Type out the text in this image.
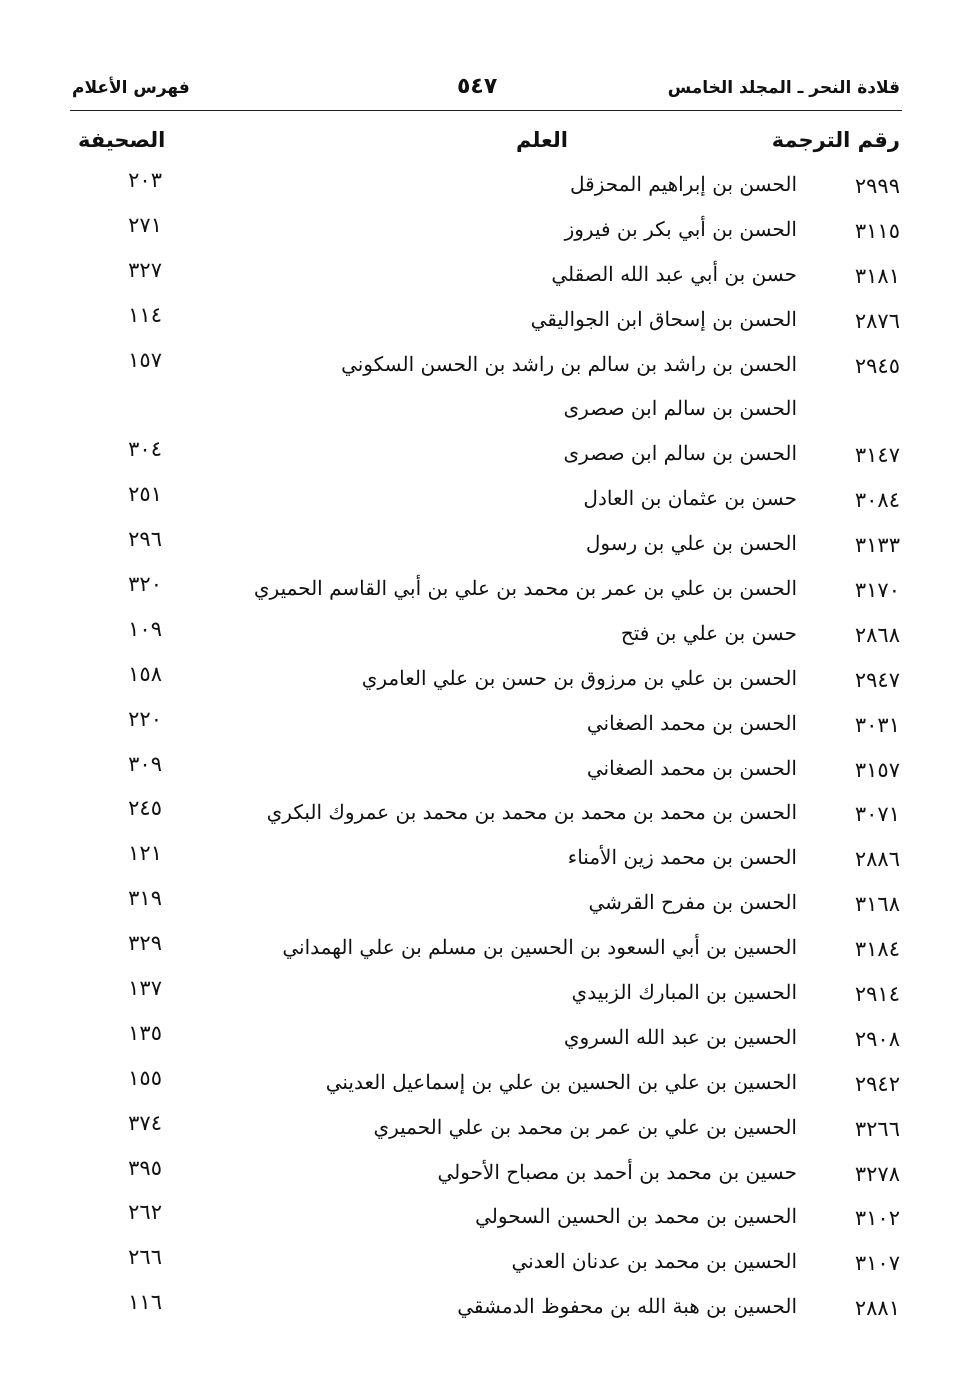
قلادة النحر ـ المجلد الخامس
٥٤٧
فهرس الأعلام
رقم الترجمة
العلم
الصحيفة
٢٩٩٩
الحسن بن إبراهيم المحزقل
٢٠٣
٣١١٥
الحسن بن أبي بكر بن فيروز
٢٧١
٣١٨١
حسن بن أبي عبد الله الصقلي
٣٢٧
٢٨٧٦
الحسن بن إسحاق ابن الجواليقي
١١٤
٢٩٤٥
الحسن بن راشد بن سالم بن راشد بن الحسن السكوني
١٥٧
الحسن بن سالم ابن صصرى
٣١٤٧
الحسن بن سالم ابن صصرى
٣٠٤
٣٠٨٤
حسن بن عثمان بن العادل
٢٥١
٣١٣٣
الحسن بن علي بن رسول
٢٩٦
٣١٧٠
الحسن بن علي بن عمر بن محمد بن علي بن أبي القاسم الحميري
٣٢٠
٢٨٦٨
حسن بن علي بن فتح
١٠٩
٢٩٤٧
الحسن بن علي بن مرزوق بن حسن بن علي العامري
١٥٨
٣٠٣١
الحسن بن محمد الصغاني
٢٢٠
٣١٥٧
الحسن بن محمد الصغاني
٣٠٩
٣٠٧١
الحسن بن محمد بن محمد بن محمد بن محمد بن عمروك البكري
٢٤٥
٢٨٨٦
الحسن بن محمد زين الأمناء
١٢١
٣١٦٨
الحسن بن مفرح القرشي
٣١٩
٣١٨٤
الحسين بن أبي السعود بن الحسين بن مسلم بن علي الهمداني
٣٢٩
٢٩١٤
الحسين بن المبارك الزبيدي
١٣٧
٢٩٠٨
الحسين بن عبد الله السروي
١٣٥
٢٩٤٢
الحسين بن علي بن الحسين بن علي بن إسماعيل العديني
١٥٥
٣٢٦٦
الحسين بن علي بن عمر بن محمد بن علي الحميري
٣٧٤
٣٢٧٨
حسين بن محمد بن أحمد بن مصباح الأحولي
٣٩٥
٣١٠٢
الحسين بن محمد بن الحسين السحولي
٢٦٢
٣١٠٧
الحسين بن محمد بن عدنان العدني
٢٦٦
٢٨٨١
الحسين بن هبة الله بن محفوظ الدمشقي
١١٦
